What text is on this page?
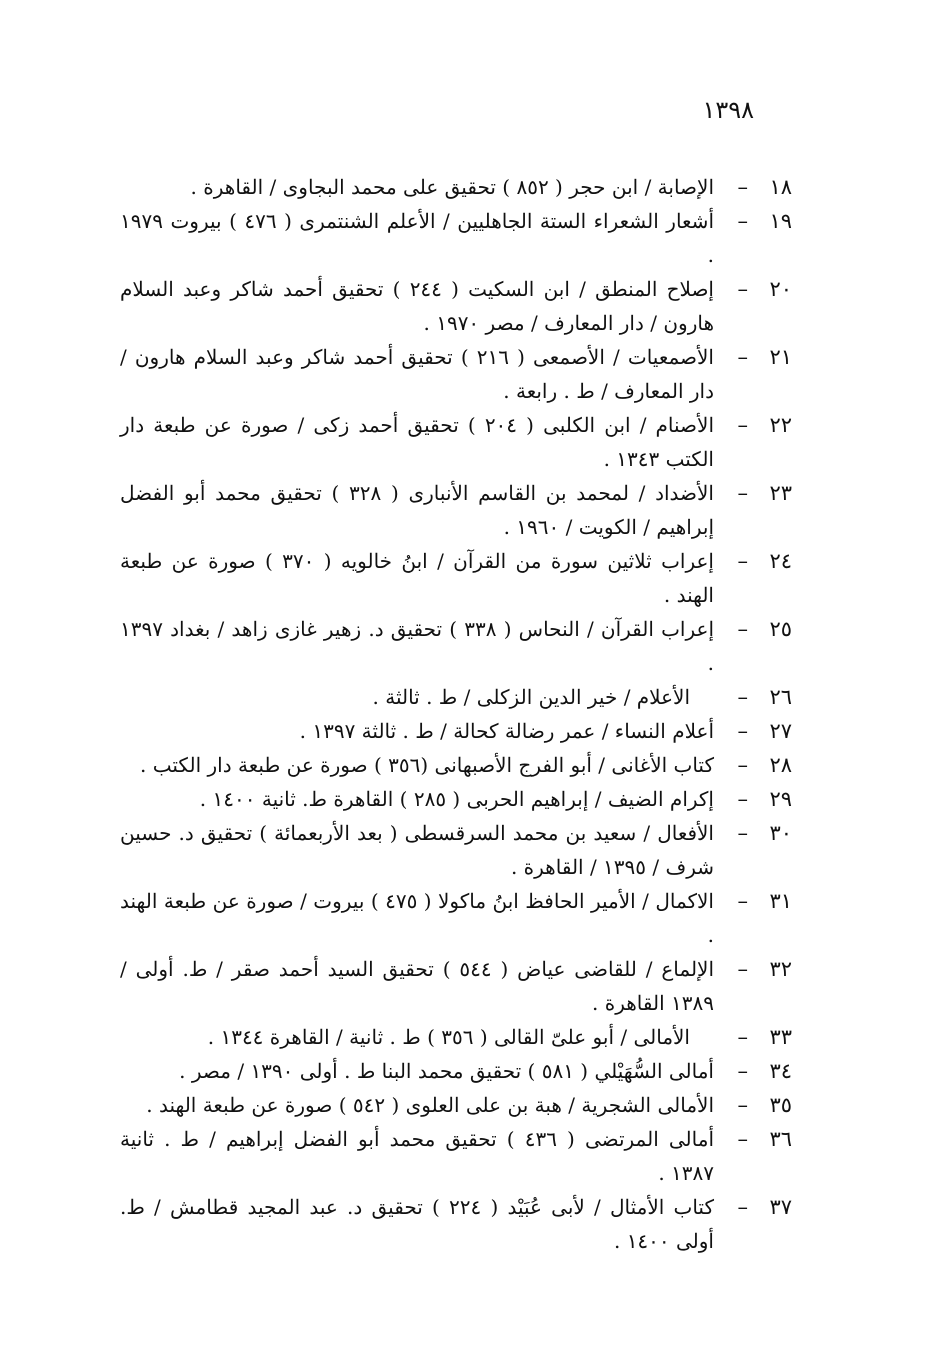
١٣٩٨
١٨
–
الإصابة / ابن حجر ( ٨٥٢ ) تحقيق على محمد البجاوى / القاهرة .
١٩
–
أشعار الشعراء الستة الجاهليين / الأعلم الشنتمرى ( ٤٧٦ ) بيروت ١٩٧٩ .
٢٠
–
إصلاح المنطق / ابن السكيت ( ٢٤٤ ) تحقيق أحمد شاكر وعبد السلام هارون / دار المعارف / مصر ١٩٧٠ .
٢١
–
الأصمعيات / الأصمعى ( ٢١٦ ) تحقيق أحمد شاكر وعبد السلام هارون / دار المعارف / ط . رابعة .
٢٢
–
الأصنام / ابن الكلبى ( ٢٠٤ ) تحقيق أحمد زكى / صورة عن طبعة دار الكتب ١٣٤٣ .
٢٣
–
الأضداد / لمحمد بن القاسم الأنبارى ( ٣٢٨ ) تحقيق محمد أبو الفضل إبراهيم / الكويت / ١٩٦٠ .
٢٤
–
إعراب ثلاثين سورة من القرآن / ابنُ خالويه ( ٣٧٠ ) صورة عن طبعة الهند .
٢٥
–
إعراب القرآن / النحاس ( ٣٣٨ ) تحقيق د. زهير غازى زاهد / بغداد ١٣٩٧ .
٢٦
–
الأعلام / خير الدين الزكلى / ط . ثالثة .
٢٧
–
أعلام النساء / عمر رضالة كحالة / ط . ثالثة ١٣٩٧ .
٢٨
–
كتاب الأغانى / أبو الفرج الأصبهانى (٣٥٦ ) صورة عن طبعة دار الكتب .
٢٩
–
إكرام الضيف / إبراهيم الحربى ( ٢٨٥ ) القاهرة ط. ثانية ١٤٠٠ .
٣٠
–
الأفعال / سعيد بن محمد السرقسطى ( بعد الأربعمائة ) تحقيق د. حسين شرف / ١٣٩٥ / القاهرة .
٣١
–
الاكمال / الأمير الحافظ ابنُ ماكولا ( ٤٧٥ ) بيروت / صورة عن طبعة الهند .
٣٢
–
الإلماع / للقاضى عياض ( ٥٤٤ ) تحقيق السيد أحمد صقر / ط. أولى / ١٣٨٩ القاهرة .
٣٣
–
الأمالى / أبو علىّ القالى ( ٣٥٦ ) ط . ثانية / القاهرة ١٣٤٤ .
٣٤
–
أمالى السُّهَيْلي ( ٥٨١ ) تحقيق محمد البنا ط . أولى ١٣٩٠ / مصر .
٣٥
–
الأمالى الشجرية / هبة بن على العلوى ( ٥٤٢ ) صورة عن طبعة الهند .
٣٦
–
أمالى المرتضى ( ٤٣٦ ) تحقيق محمد أبو الفضل إبراهيم / ط . ثانية ١٣٨٧ .
٣٧
–
كتاب الأمثال / لأبى عُبَيْد ( ٢٢٤ ) تحقيق د. عبد المجيد قطامش / ط. أولى ١٤٠٠ .
